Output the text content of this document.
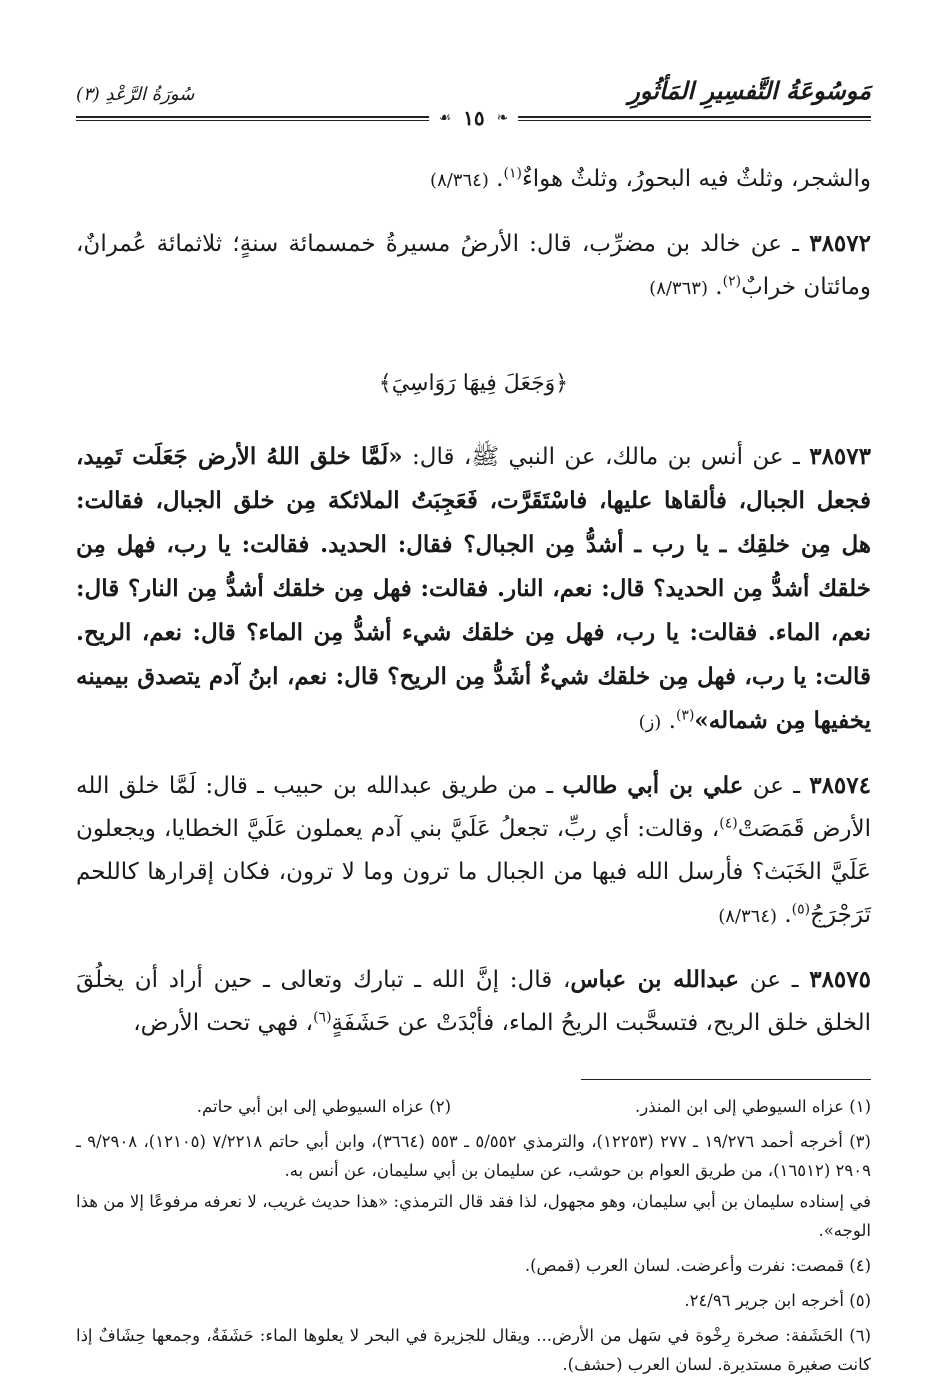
مَوسُوعَةُ التَّفسِيرِ المَأثُورِ
❧
١٥
☙
سُورَةُ الرَّعْدِ (٣)
والشجر، وثلثٌ فيه البحورُ، وثلثٌ هواءٌ$^{(١)}$. (٨/٣٦٤)
٣٨٥٧٢ ـ عن خالد بن مضرِّب، قال: الأرضُ مسيرةُ خمسمائة سنةٍ؛ ثلاثمائة عُمرانٌ، ومائتان خرابٌ$^{(٢)}$. (٨/٣٦٣)
﴿وَجَعَلَ فِيهَا رَوَاسِيَ﴾
٣٨٥٧٣ ـ عن أنس بن مالك، عن النبي ﷺ، قال: «لَمَّا خلق اللهُ الأرض جَعَلَت تَمِيد، فجعل الجبال، فألقاها عليها، فاسْتَقَرَّت، فَعَجِبَتُ الملائكة مِن خلق الجبال، فقالت: هل مِن خلقِك ـ يا رب ـ أشدُّ مِن الجبال؟ فقال: الحديد. فقالت: يا رب، فهل مِن خلقك أشدُّ مِن الحديد؟ قال: نعم، النار. فقالت: فهل مِن خلقك أشدُّ مِن النار؟ قال: نعم، الماء. فقالت: يا رب، فهل مِن خلقك شيء أشدُّ مِن الماء؟ قال: نعم، الريح. قالت: يا رب، فهل مِن خلقك شيءٌ أشَدُّ مِن الريح؟ قال: نعم، ابنُ آدم يتصدق بيمينه يخفيها مِن شماله»$^{(٣)}$. (ز)
٣٨٥٧٤ ـ عن علي بن أبي طالب ـ من طريق عبدالله بن حبيب ـ قال: لَمَّا خلق الله الأرض قَمَصَتْ$^{(٤)}$، وقالت: أي ربِّ، تجعلُ عَلَيَّ بني آدم يعملون عَلَيَّ الخطايا، ويجعلون عَلَيَّ الخَبَث؟ فأرسل الله فيها من الجبال ما ترون وما لا ترون، فكان إقرارها كاللحم تَرَجْرَجُ$^{(٥)}$. (٨/٣٦٤)
٣٨٥٧٥ ـ عن عبدالله بن عباس، قال: إنَّ الله ـ تبارك وتعالى ـ حين أراد أن يخلُقَ الخلق خلق الريح، فتسحَّبت الريحُ الماء، فأبْدَتْ عن حَشَفَةٍ$^{(٦)}$، فهي تحت الأرض،
(١) عزاه السيوطي إلى ابن المنذر.
(٢) عزاه السيوطي إلى ابن أبي حاتم.
(٣) أخرجه أحمد ١٩/٢٧٦ ـ ٢٧٧ (١٢٢٥٣)، والترمذي ٥/٥٥٢ ـ ٥٥٣ (٣٦٦٤)، وابن أبي حاتم ٧/٢٢١٨ (١٢١٠٥)، ٩/٢٩٠٨ ـ ٢٩٠٩ (١٦٥١٢)، من طريق العوام بن حوشب، عن سليمان بن أبي سليمان، عن أنس به.
في إسناده سليمان بن أبي سليمان، وهو مجهول، لذا فقد قال الترمذي: «هذا حديث غريب، لا نعرفه مرفوعًا إلا من هذا الوجه».
(٤) قمصت: نفرت وأعرضت. لسان العرب (قمص).
(٥) أخرجه ابن جرير ٢٤/٩٦.
(٦) الحَشَفة: صخرة رِخْوة في سَهل من الأرض... ويقال للجزيرة في البحر لا يعلوها الماء: حَشَفَةٌ، وجمعها حِشَافٌ إذا كانت صغيرة مستديرة. لسان العرب (حشف).
